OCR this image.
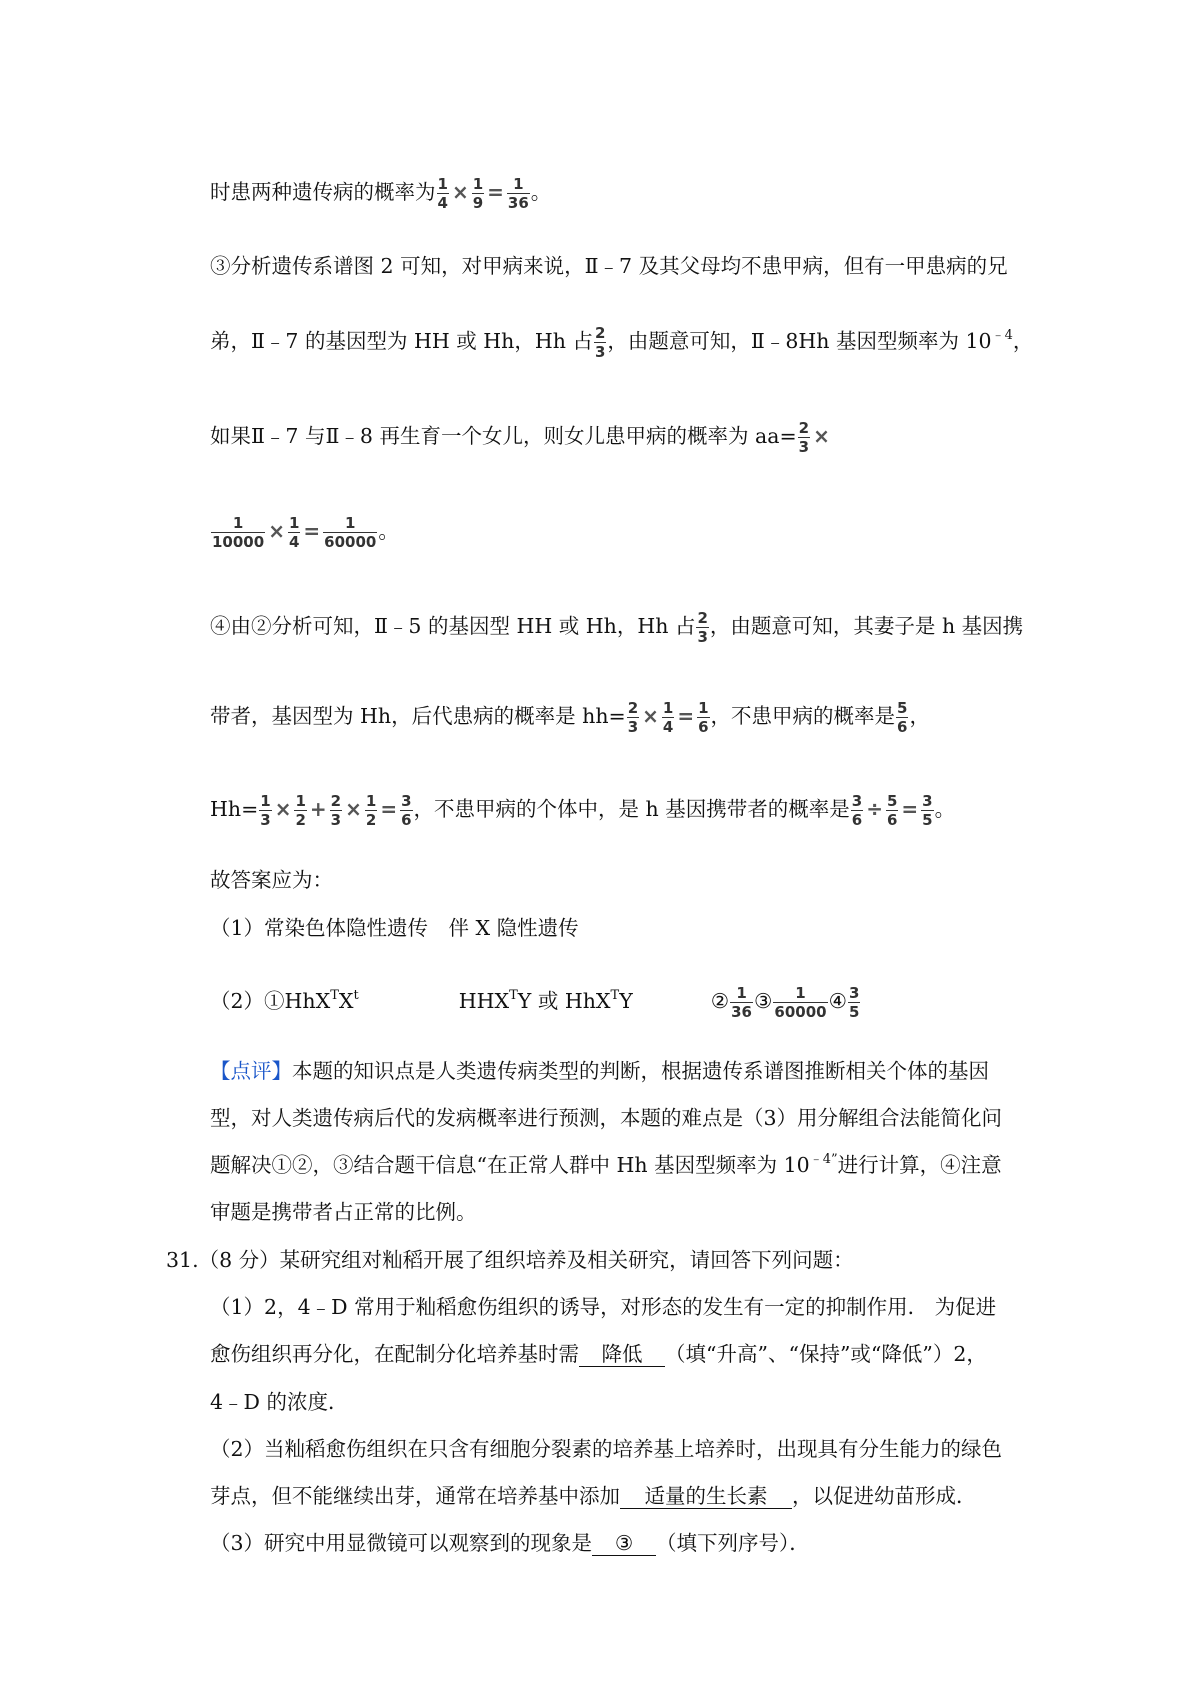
时患两种遗传病的概率为 $\frac{1}{4} \times \frac{1}{9} = \frac{1}{36}$ 。
③分析遗传系谱图 2 可知，对甲病来说，Ⅱ﹣7 及其父母均不患甲病，但有一甲患病的兄
弟，Ⅱ﹣7 的基因型为 HH 或 Hh，Hh 占 $\frac{2}{3}$ ，由题意可知，Ⅱ﹣8Hh 基因型频率为 $10^{﹣4}$，
如果Ⅱ﹣7 与Ⅱ﹣8 再生育一个女儿，则女儿患甲病的概率为 $aa= \frac{2}{3}$ ×
$\frac{1}{10000} \times \frac{1}{4} = \frac{1}{60000}$ 。
④由②分析可知，Ⅱ﹣5 的基因型 HH 或 Hh，Hh 占 $\frac{2}{3}$ ，由题意可知，其妻子是 h 基因携
带者，基因型为 Hh，后代患病的概率是 $hh= \frac{2}{3} \times \frac{1}{4} = \frac{1}{6}$ ，不患甲病的概率是 $\frac{5}{6}$ ，
$Hh= \frac{1}{3} \times \frac{1}{2} + \frac{2}{3} \times \frac{1}{2} = \frac{3}{6}$ ，不患甲病的个体中，是 h 基因携带者的概率是 $\frac{3}{6} \div \frac{5}{6} = \frac{3}{5}$ 。
故答案应为：
（1）常染色体隐性遗传　伴 X 隐性遗传
$(2)①HhX^TX^t$	$HHX^TY$ 或 HhX$^T$Y	② $\frac{1}{36}$ ③ $\frac{1}{60000}$ ④ $\frac{3}{5}$
【点评】本题的知识点是人类遗传病类型的判断，根据遗传系谱图推断相关个体的基因
型，对人类遗传病后代的发病概率进行预测，本题的难点是（3）用分解组合法能简化问
题解决①②，③结合题干信息“在正常人群中 Hh 基因型频率为 $10^{﹣4”}$进行计算，④注意
审题是携带者占正常的比例。
31.（8 分）某研究组对籼稻开展了组织培养及相关研究，请回答下列问题：
（1）2，4﹣D 常用于籼稻愈伤组织的诱导，对形态的发生有一定的抑制作用． 为促进
愈伤组织再分化，在配制分化培养基时需 降低 （填“升高”、“保持”或“降低”）2，
4﹣D 的浓度．
（2）当籼稻愈伤组织在只含有细胞分裂素的培养基上培养时，出现具有分生能力的绿色
芽点，但不能继续出芽，通常在培养基中添加 适量的生长素 ，以促进幼苗形成．
（3）研究中用显微镜可以观察到的现象是 ③ （填下列序号）．
